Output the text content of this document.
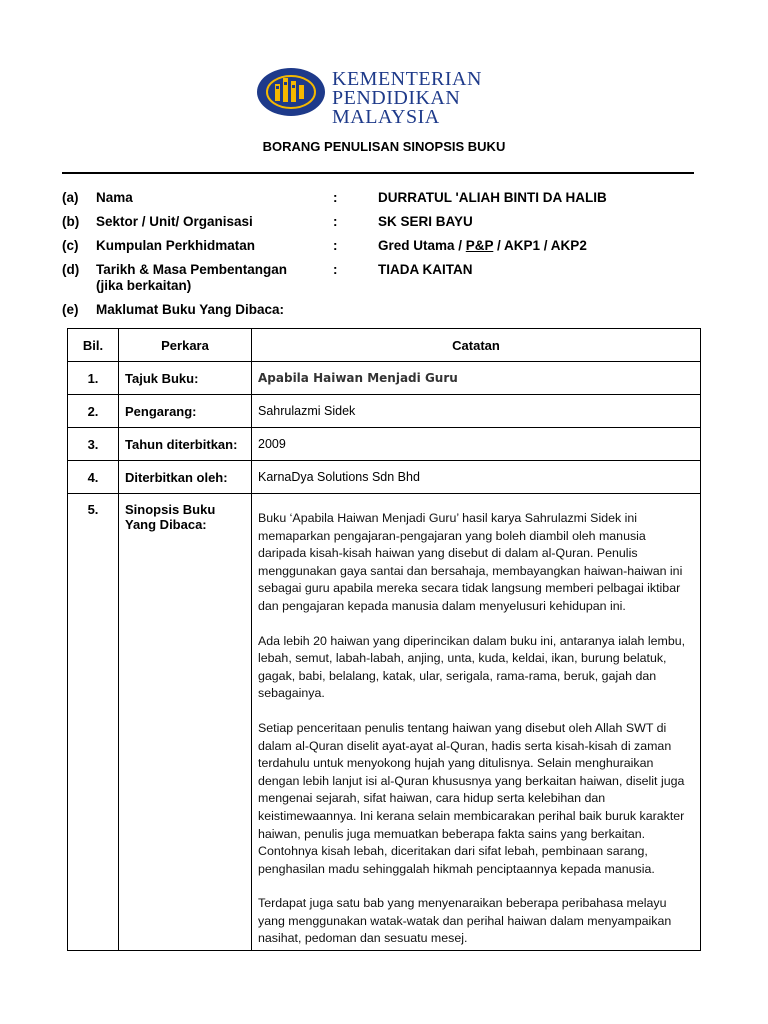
KEMENTERIAN
PENDIDIKAN
MALAYSIA
BORANG PENULISAN SINOPSIS BUKU
(a) Nama	:	DURRATUL 'ALIAH BINTI DA HALIB
(b) Sektor / Unit/ Organisasi	:	SK SERI BAYU
(c) Kumpulan Perkhidmatan	:	Gred Utama / P&P / AKP1 / AKP2
(d) Tarikh & Masa Pembentangan
(jika berkaitan)
:	TIADA KAITAN
(e) Maklumat Buku Yang Dibaca:
Bil.	Perkara	Catatan
1.	Tajuk Buku:	Apabila Haiwan Menjadi Guru
2.	Pengarang:	Sahrulazmi Sidek
3.	Tahun diterbitkan:	2009
4.	Diterbitkan oleh:	KarnaDya Solutions Sdn Bhd
5.	Sinopsis Buku Yang Dibaca:	Buku ‘Apabila Haiwan Menjadi Guru’ hasil karya Sahrulazmi Sidek ini memaparkan pengajaran-pengajaran yang boleh diambil oleh manusia daripada kisah-kisah haiwan yang disebut di dalam al-Quran. Penulis menggunakan gaya santai dan bersahaja, membayangkan haiwan-haiwan ini sebagai guru apabila mereka secara tidak langsung memberi pelbagai iktibar dan pengajaran kepada manusia dalam menyelusuri kehidupan ini.

Ada lebih 20 haiwan yang diperincikan dalam buku ini, antaranya ialah lembu, lebah, semut, labah-labah, anjing, unta, kuda, keldai, ikan, burung belatuk, gagak, babi, belalang, katak, ular, serigala, rama-rama, beruk, gajah dan sebagainya.

Setiap penceritaan penulis tentang haiwan yang disebut oleh Allah SWT di dalam al-Quran diselit ayat-ayat al-Quran, hadis serta kisah-kisah di zaman terdahulu untuk menyokong hujah yang ditulisnya. Selain menghuraikan dengan lebih lanjut isi al-Quran khususnya yang berkaitan haiwan, diselit juga mengenai sejarah, sifat haiwan, cara hidup serta kelebihan dan keistimewaannya. Ini kerana selain membicarakan perihal baik buruk karakter haiwan, penulis juga memuatkan beberapa fakta sains yang berkaitan. Contohnya kisah lebah, diceritakan dari sifat lebah, pembinaan sarang, penghasilan madu sehinggalah hikmah penciptaannya kepada manusia.

Terdapat juga satu bab yang menyenaraikan beberapa peribahasa melayu yang menggunakan watak-watak dan perihal haiwan dalam menyampaikan nasihat, pedoman dan sesuatu mesej.
